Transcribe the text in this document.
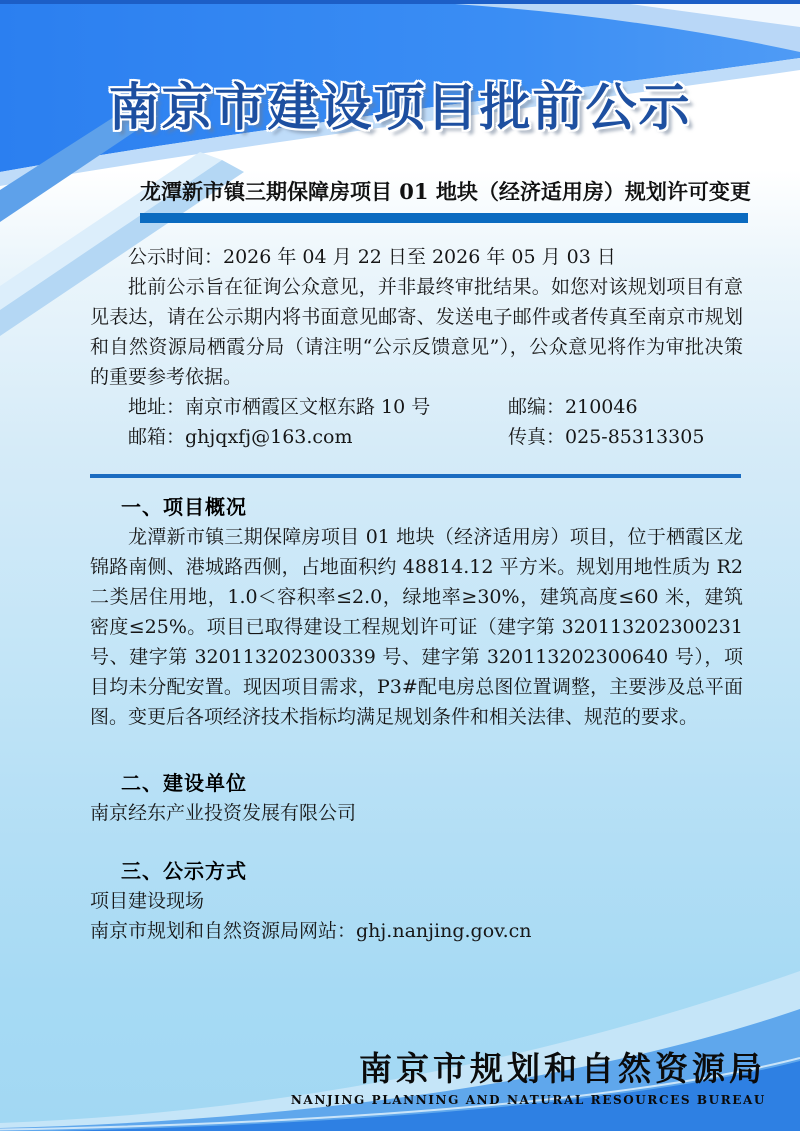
南京市建设项目批前公示
龙潭新市镇三期保障房项目 01 地块（经济适用房）规划许可变更
公示时间：2026 年 04 月 22 日至 2026 年 05 月 03 日

批前公示旨在征询公众意见，并非最终审批结果。如您对该规划项目有意见表达，请在公示期内将书面意见邮寄、发送电子邮件或者传真至南京市规划和自然资源局栖霞分局（请注明“公示反馈意见”），公众意见将作为审批决策的重要参考依据。

地址：南京市栖霞区文枢东路 10 号	邮编：210046
邮箱：ghjqxfj@163.com	传真：025-85313305
一、项目概况

龙潭新市镇三期保障房项目 01 地块（经济适用房）项目，位于栖霞区龙锦路南侧、港城路西侧，占地面积约 48814.12 平方米。规划用地性质为 R2 二类居住用地，1.0＜容积率≤2.0，绿地率≥30%，建筑高度≤60 米，建筑密度≤25%。项目已取得建设工程规划许可证（建字第 320113202300231 号、建字第 320113202300339 号、建字第 320113202300640 号），项目均未分配安置。现因项目需求，P3#配电房总图位置调整，主要涉及总平面图。变更后各项经济技术指标均满足规划条件和相关法律、规范的要求。

二、建设单位

南京经东产业投资发展有限公司

三、公示方式

项目建设现场

南京市规划和自然资源局网站：ghj.nanjing.gov.cn

南京市规划和自然资源局
NANJING PLANNING AND NATURAL RESOURCES BUREAU
